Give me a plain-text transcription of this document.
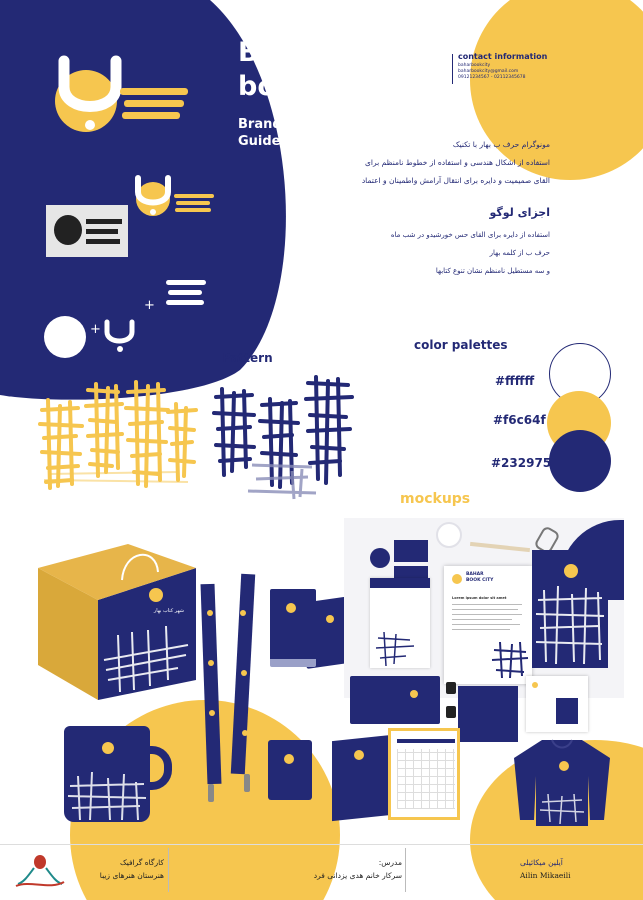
+
+
Bahar
book city
Brand
Guidelines
contact information
baharbookcity
baharbookcity@gmail.com
09121234567 - 02112345678
مونوگرام حرف ب بهار با تکنیک
استفاده از اشکال هندسی و استفاده از خطوط نامنظم برای
القای صمیمیت و دایره برای انتقال آرامش واطمینان و اعتماد
اجزای لوگو
استفاده از دایره برای القای حس خورشیدو در شب ماه
حرف ب از کلمه بهار
و سه مستطیل نامنظم نشان تنوع کتابها
Pattern
color palettes
#ffffff
#f6c64f
#232975
mockups
شهر کتاب بهار
BAHAR
BOOK CITY
Lorem ipsum dolor sit amet
کارگاه گرافیک
هنرستان هنرهای زیبا
مدرس:
سرکار خانم هدی یزدانی فرد
آیلین میکائیلی
Ailin Mikaeili
